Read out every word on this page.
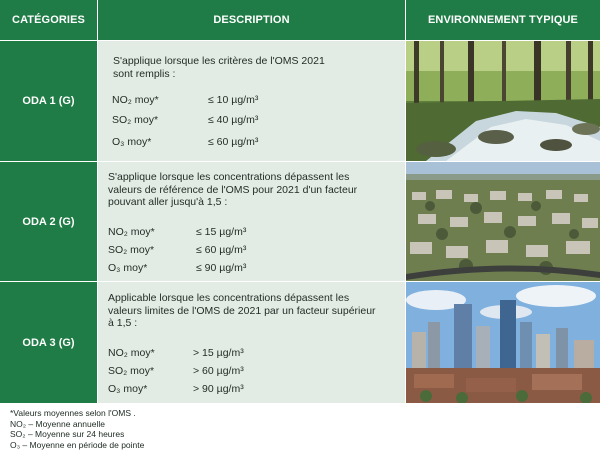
CATÉGORIES	DESCRIPTION	ENVIRONNEMENT TYPIQUE
ODA 1 (G)
S'applique lorsque les critères de l'OMS 2021
sont remplis :
NO₂ moy*	≤ 10 µg/m³
SO₂ moy*	≤ 40 µg/m³
O₃ moy*	≤ 60 µg/m³
ODA 2 (G)
S'applique lorsque les concentrations dépassent les
valeurs de référence de l'OMS pour 2021 d'un facteur
pouvant aller jusqu'à 1,5 :
NO₂ moy*	≤ 15 µg/m³
SO₂ moy*	≤ 60 µg/m³
O₃ moy*	≤ 90 µg/m³
ODA 3 (G)
Applicable lorsque les concentrations dépassent les
valeurs limites de l'OMS de 2021 par un facteur supérieur
à 1,5 :
NO₂ moy*	> 15 µg/m³
SO₂ moy*	> 60 µg/m³
O₃ moy*	> 90 µg/m³
*Valeurs moyennes selon l'OMS .
NO₂ – Moyenne annuelle
SO₂ – Moyenne sur 24 heures
O₃ – Moyenne en période de pointe
